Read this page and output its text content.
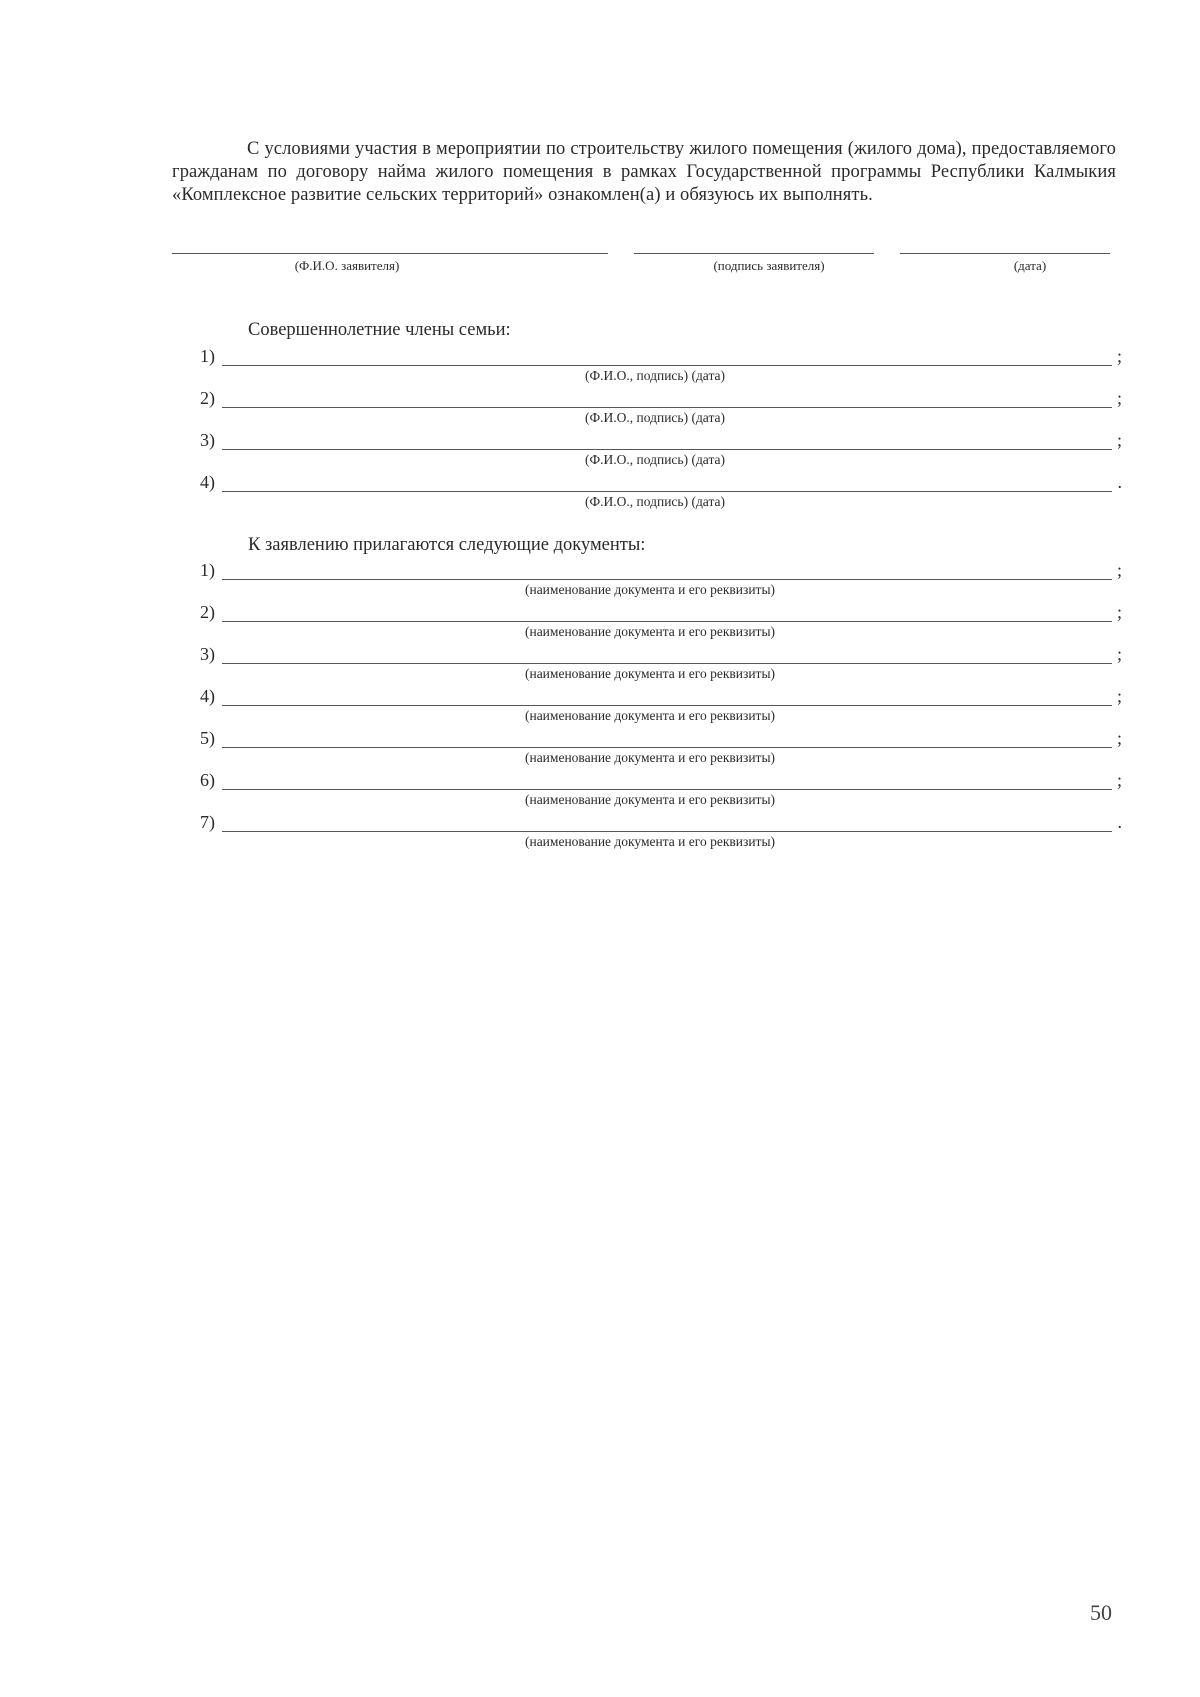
С условиями участия в мероприятии по строительству жилого помещения (жилого дома), предоставляемого гражданам по договору найма жилого помещения в рамках Государственной программы Республики Калмыкия «Комплексное развитие сельских территорий» ознакомлен(а) и обязуюсь их выполнять.

(Ф.И.О. заявителя)	(подпись заявителя)	(дата)
Совершеннолетние члены семьи:
1)	;
(Ф.И.О., подпись) (дата)
2)	;
(Ф.И.О., подпись) (дата)
3)	;
(Ф.И.О., подпись) (дата)
4)	.
(Ф.И.О., подпись) (дата)
К заявлению прилагаются следующие документы:
1)	;
(наименование документа и его реквизиты)
2)	;
(наименование документа и его реквизиты)
3)	;
(наименование документа и его реквизиты)
4)	;
(наименование документа и его реквизиты)
5)	;
(наименование документа и его реквизиты)
6)	;
(наименование документа и его реквизиты)
7)	.
(наименование документа и его реквизиты)
50
